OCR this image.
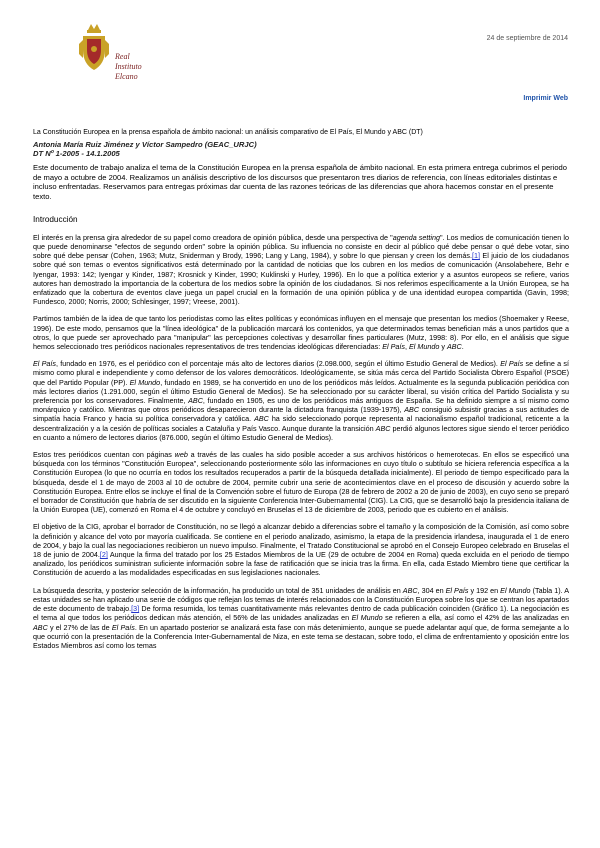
24 de septiembre de 2014
Real
Instituto
Elcano
Imprimir Web
La Constitución Europea en la prensa española de ámbito nacional: un análisis comparativo de El País, El Mundo y ABC (DT)
Antonia María Ruiz Jiménez y Víctor Sampedro (GEAC_URJC)
DT Nº 1-2005 - 14.1.2005
Este documento de trabajo analiza el tema de la Constitución Europea en la prensa española de ámbito nacional. En esta primera entrega cubrimos el periodo de mayo a octubre de 2004. Realizamos un análisis descriptivo de los discursos que presentaron tres diarios de referencia, con líneas editoriales distintas e incluso enfrentadas. Reservamos para entregas próximas dar cuenta de las razones teóricas de las diferencias que ahora hacemos constar en el presente texto.
Introducción

El interés en la prensa gira alrededor de su papel como creadora de opinión pública, desde una perspectiva de "agenda setting". Los medios de comunicación tienen lo que puede denominarse "efectos de segundo orden" sobre la opinión pública. Su influencia no consiste en decir al público qué debe pensar o qué debe votar, sino sobre qué debe pensar (Cohen, 1963; Mutz, Sniderman y Brody, 1996; Lang y Lang, 1984), y sobre lo que piensan y creen los demás.[1] El juicio de los ciudadanos sobre qué son temas o eventos significativos está determinado por la cantidad de noticias que los cubren en los medios de comunicación (Ansolabehere, Behr e Iyengar, 1993: 142; Iyengar y Kinder, 1987; Krosnick y Kinder, 1990; Kuklinski y Hurley, 1996). En lo que a política exterior y a asuntos europeos se refiere, varios autores han demostrado la importancia de la cobertura de los medios sobre la opinión de los ciudadanos. Si nos referimos específicamente a la Unión Europea, se ha enfatizado que la cobertura de eventos clave juega un papel crucial en la formación de una opinión pública y de una identidad europea compartida (Gavin, 1998; Fundesco, 2000; Norris, 2000; Schlesinger, 1997; Vreese, 2001).

Partimos también de la idea de que tanto los periodistas como las elites políticas y económicas influyen en el mensaje que presentan los medios (Shoemaker y Reese, 1996). De este modo, pensamos que la "línea ideológica" de la publicación marcará los contenidos, ya que determinados temas benefician más a unos partidos que a otros, lo que puede ser aprovechado para "manipular" las percepciones colectivas y desarrollar fines particulares (Mutz, 1998: 8). Por ello, en el análisis que sigue hemos seleccionado tres periódicos nacionales representativos de tres tendencias ideológicas diferenciadas: El País, El Mundo y ABC.

El País, fundado en 1976, es el periódico con el porcentaje más alto de lectores diarios (2.098.000, según el último Estudio General de Medios). El País se define a sí mismo como plural e independiente y como defensor de los valores democráticos. Ideológicamente, se sitúa más cerca del Partido Socialista Obrero Español (PSOE) que del Partido Popular (PP). El Mundo, fundado en 1989, se ha convertido en uno de los periódicos más leídos. Actualmente es la segunda publicación periódica con más lectores diarios (1.291.000, según el último Estudio General de Medios). Se ha seleccionado por su carácter liberal, su visión crítica del Partido Socialista y su preferencia por los conservadores. Finalmente, ABC, fundado en 1905, es uno de los periódicos más antiguos de España. Se ha definido siempre a sí mismo como monárquico y católico. Mientras que otros periódicos desaparecieron durante la dictadura franquista (1939-1975), ABC consiguió subsistir gracias a sus actitudes de simpatía hacia Franco y hacia su política conservadora y católica. ABC ha sido seleccionado porque representa al nacionalismo español tradicional, reticente a la descentralización y a la cesión de políticas sociales a Cataluña y País Vasco. Aunque durante la transición ABC perdió algunos lectores sigue siendo el tercer periódico en cuanto a número de lectores diarios (876.000, según el último Estudio General de Medios).

Estos tres periódicos cuentan con páginas web a través de las cuales ha sido posible acceder a sus archivos históricos o hemerotecas. En ellos se especificó una búsqueda con los términos "Constitución Europea", seleccionando posteriormente sólo las informaciones en cuyo título o subtítulo se hiciera referencia específica a la Constitución Europea (lo que no ocurría en todos los resultados recuperados a partir de la búsqueda detallada inicialmente). El periodo de tiempo especificado para la búsqueda, desde el 1 de mayo de 2003 al 10 de octubre de 2004, permite cubrir una serie de acontecimientos clave en el proceso de discusión y acuerdo sobre la Constitución Europea. Entre ellos se incluye el final de la Convención sobre el futuro de Europa (28 de febrero de 2002 a 20 de junio de 2003), en cuyo seno se preparó el borrador de Constitución que habría de ser discutido en la siguiente Conferencia Inter-Gubernamental (CIG). La CIG, que se desarrolló bajo la presidencia italiana de la Unión Europea (UE), comenzó en Roma el 4 de octubre y concluyó en Bruselas el 13 de diciembre de 2003, periodo que es cubierto en el análisis.

El objetivo de la CIG, aprobar el borrador de Constitución, no se llegó a alcanzar debido a diferencias sobre el tamaño y la composición de la Comisión, así como sobre la definición y alcance del voto por mayoría cualificada. Se contiene en el periodo analizado, asimismo, la etapa de la presidencia irlandesa, inaugurada el 1 de enero de 2004, y bajo la cual las negociaciones recibieron un nuevo impulso. Finalmente, el Tratado Constitucional se aprobó en el Consejo Europeo celebrado en Bruselas el 18 de junio de 2004.[2] Aunque la firma del tratado por los 25 Estados Miembros de la UE (29 de octubre de 2004 en Roma) queda excluida en el periodo de tiempo analizado, los periódicos suministran suficiente información sobre la fase de ratificación que se inicia tras la firma. En ella, cada Estado Miembro tiene que certificar la Constitución de acuerdo a las modalidades especificadas en sus legislaciones nacionales.

La búsqueda descrita, y posterior selección de la información, ha producido un total de 351 unidades de análisis en ABC, 304 en El País y 192 en El Mundo (Tabla 1). A estas unidades se han aplicado una serie de códigos que reflejan los temas de interés relacionados con la Constitución Europea sobre los que se centran los apartados de este documento de trabajo.[3] De forma resumida, los temas cuantitativamente más relevantes dentro de cada publicación coinciden (Gráfico 1). La negociación es el tema al que todos los periódicos dedican más atención, el 56% de las unidades analizadas en El Mundo se refieren a ella, así como el 42% de las analizadas en ABC y el 27% de las de El País. En un apartado posterior se analizará esta fase con más detenimiento, aunque se puede adelantar aquí que, de forma semejante a lo que ocurrió con la presentación de la Conferencia Inter-Gubernamental de Niza, en este tema se destacan, sobre todo, el clima de enfrentamiento y oposición entre los Estados Miembros así como los temas
